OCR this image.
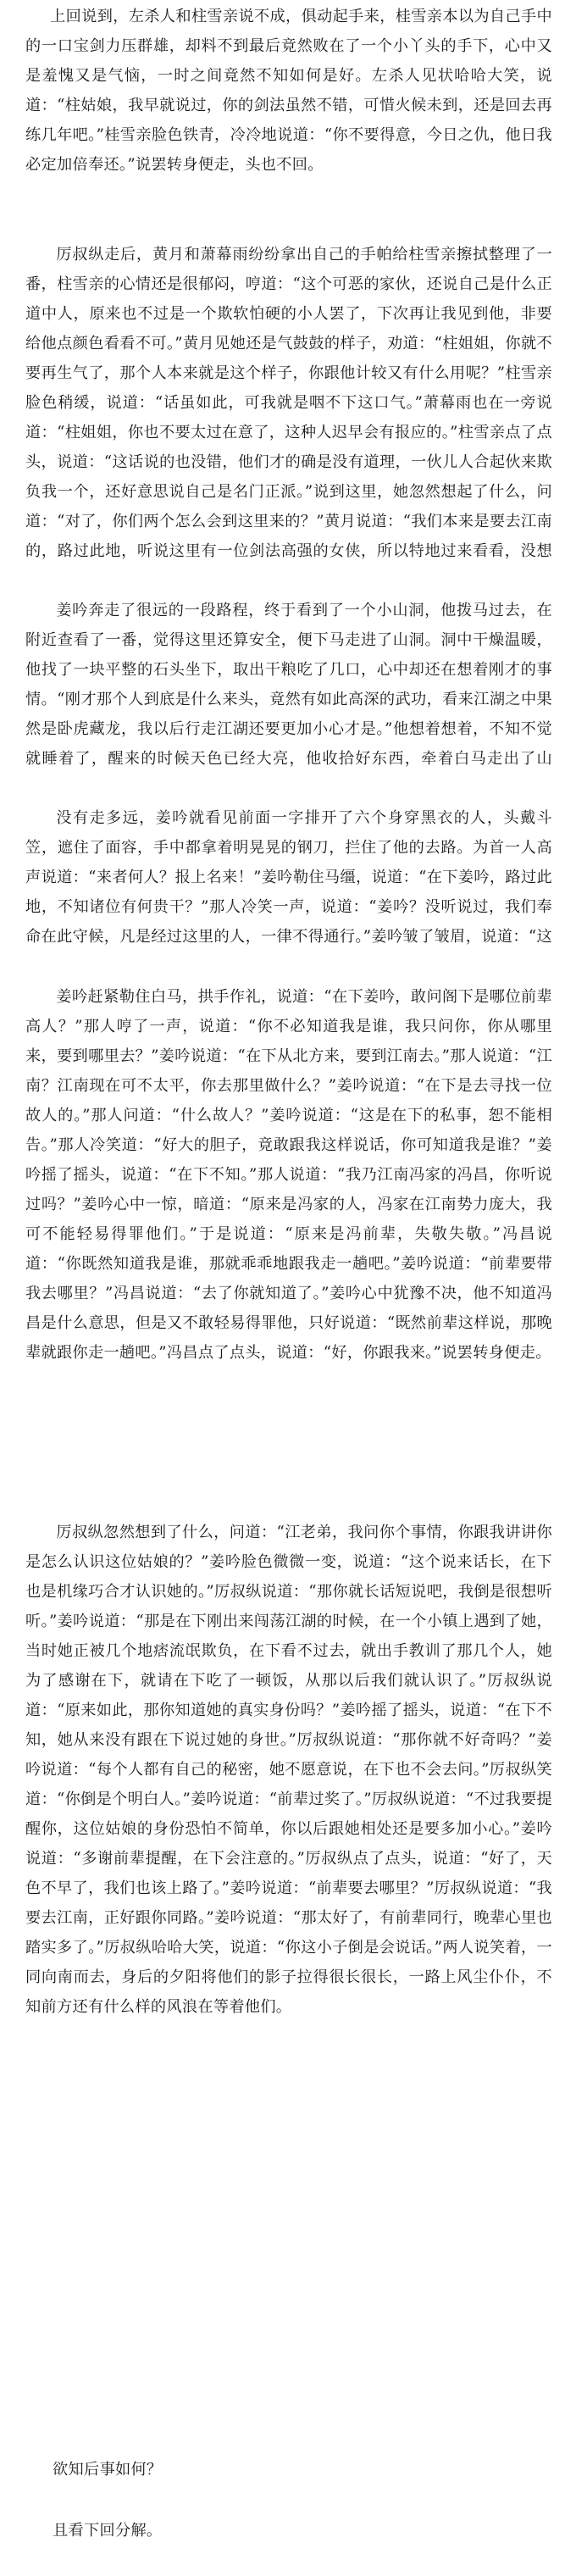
上回说到，左杀人和柱雪亲说不成，俱动起手来，桂雪亲本以为自己手中的一口宝剑力压群雄，却料不到最后竟然败在了一个小丫头的手下，心中又是羞愧又是气恼，一时之间竟然不知如何是好。左杀人见状哈哈大笑，说道：“柱姑娘，我早就说过，你的剑法虽然不错，可惜火候未到，还是回去再练几年吧。”桂雪亲脸色铁青，冷冷地说道：“你不要得意，今日之仇，他日我必定加倍奉还。”说罢转身便走，头也不回。

厉叔纵走后，黄月和萧幕雨纷纷拿出自己的手帕给柱雪亲擦拭整理了一番，柱雪亲的心情还是很郁闷，哼道：“这个可恶的家伙，还说自己是什么正道中人，原来也不过是一个欺软怕硬的小人罢了，下次再让我见到他，非要给他点颜色看看不可。”黄月见她还是气鼓鼓的样子，劝道：“柱姐姐，你就不要再生气了，那个人本来就是这个样子，你跟他计较又有什么用呢？”柱雪亲脸色稍缓，说道：“话虽如此，可我就是咽不下这口气。”萧幕雨也在一旁说道：“柱姐姐，你也不要太过在意了，这种人迟早会有报应的。”柱雪亲点了点头，说道：“这话说的也没错，他们才的确是没有道理，一伙儿人合起伙来欺负我一个，还好意思说自己是名门正派。”说到这里，她忽然想起了什么，问道：“对了，你们两个怎么会到这里来的？”黄月说道：“我们本来是要去江南的，路过此地，听说这里有一位剑法高强的女侠，所以特地过来看看，没想

姜吟奔走了很远的一段路程，终于看到了一个小山洞，他拨马过去，在附近查看了一番，觉得这里还算安全，便下马走进了山洞。洞中干燥温暖，他找了一块平整的石头坐下，取出干粮吃了几口，心中却还在想着刚才的事情。“刚才那个人到底是什么来头，竟然有如此高深的武功，看来江湖之中果然是卧虎藏龙，我以后行走江湖还要更加小心才是。”他想着想着，不知不觉就睡着了，醒来的时候天色已经大亮，他收拾好东西，牵着白马走出了山

没有走多远，姜吟就看见前面一字排开了六个身穿黑衣的人，头戴斗笠，遮住了面容，手中都拿着明晃晃的钢刀，拦住了他的去路。为首一人高声说道：“来者何人？报上名来！”姜吟勒住马缰，说道：“在下姜吟，路过此地，不知诸位有何贵干？”那人冷笑一声，说道：“姜吟？没听说过，我们奉命在此守候，凡是经过这里的人，一律不得通行。”姜吟皱了皱眉，说道：“这

姜吟赶紧勒住白马，拱手作礼，说道：“在下姜吟，敢问阁下是哪位前辈高人？”那人哼了一声，说道：“你不必知道我是谁，我只问你，你从哪里来，要到哪里去？”姜吟说道：“在下从北方来，要到江南去。”那人说道：“江南？江南现在可不太平，你去那里做什么？”姜吟说道：“在下是去寻找一位故人的。”那人问道：“什么故人？”姜吟说道：“这是在下的私事，恕不能相告。”那人冷笑道：“好大的胆子，竟敢跟我这样说话，你可知道我是谁？”姜吟摇了摇头，说道：“在下不知。”那人说道：“我乃江南冯家的冯昌，你听说过吗？”姜吟心中一惊，暗道：“原来是冯家的人，冯家在江南势力庞大，我可不能轻易得罪他们。”于是说道：“原来是冯前辈，失敬失敬。”冯昌说道：“你既然知道我是谁，那就乖乖地跟我走一趟吧。”姜吟说道：“前辈要带我去哪里？”冯昌说道：“去了你就知道了。”姜吟心中犹豫不决，他不知道冯昌是什么意思，但是又不敢轻易得罪他，只好说道：“既然前辈这样说，那晚辈就跟你走一趟吧。”冯昌点了点头，说道：“好，你跟我来。”说罢转身便走。

厉叔纵忽然想到了什么，问道：“江老弟，我问你个事情，你跟我讲讲你是怎么认识这位姑娘的？”姜吟脸色微微一变，说道：“这个说来话长，在下也是机缘巧合才认识她的。”厉叔纵说道：“那你就长话短说吧，我倒是很想听听。”姜吟说道：“那是在下刚出来闯荡江湖的时候，在一个小镇上遇到了她，当时她正被几个地痞流氓欺负，在下看不过去，就出手教训了那几个人，她为了感谢在下，就请在下吃了一顿饭，从那以后我们就认识了。”厉叔纵说道：“原来如此，那你知道她的真实身份吗？”姜吟摇了摇头，说道：“在下不知，她从来没有跟在下说过她的身世。”厉叔纵说道：“那你就不好奇吗？”姜吟说道：“每个人都有自己的秘密，她不愿意说，在下也不会去问。”厉叔纵笑道：“你倒是个明白人。”姜吟说道：“前辈过奖了。”厉叔纵说道：“不过我要提醒你，这位姑娘的身份恐怕不简单，你以后跟她相处还是要多加小心。”姜吟说道：“多谢前辈提醒，在下会注意的。”厉叔纵点了点头，说道：“好了，天色不早了，我们也该上路了。”姜吟说道：“前辈要去哪里？”厉叔纵说道：“我要去江南，正好跟你同路。”姜吟说道：“那太好了，有前辈同行，晚辈心里也踏实多了。”厉叔纵哈哈大笑，说道：“你这小子倒是会说话。”两人说笑着，一同向南而去，身后的夕阳将他们的影子拉得很长很长，一路上风尘仆仆，不知前方还有什么样的风浪在等着他们。

欲知后事如何？

且看下回分解。
